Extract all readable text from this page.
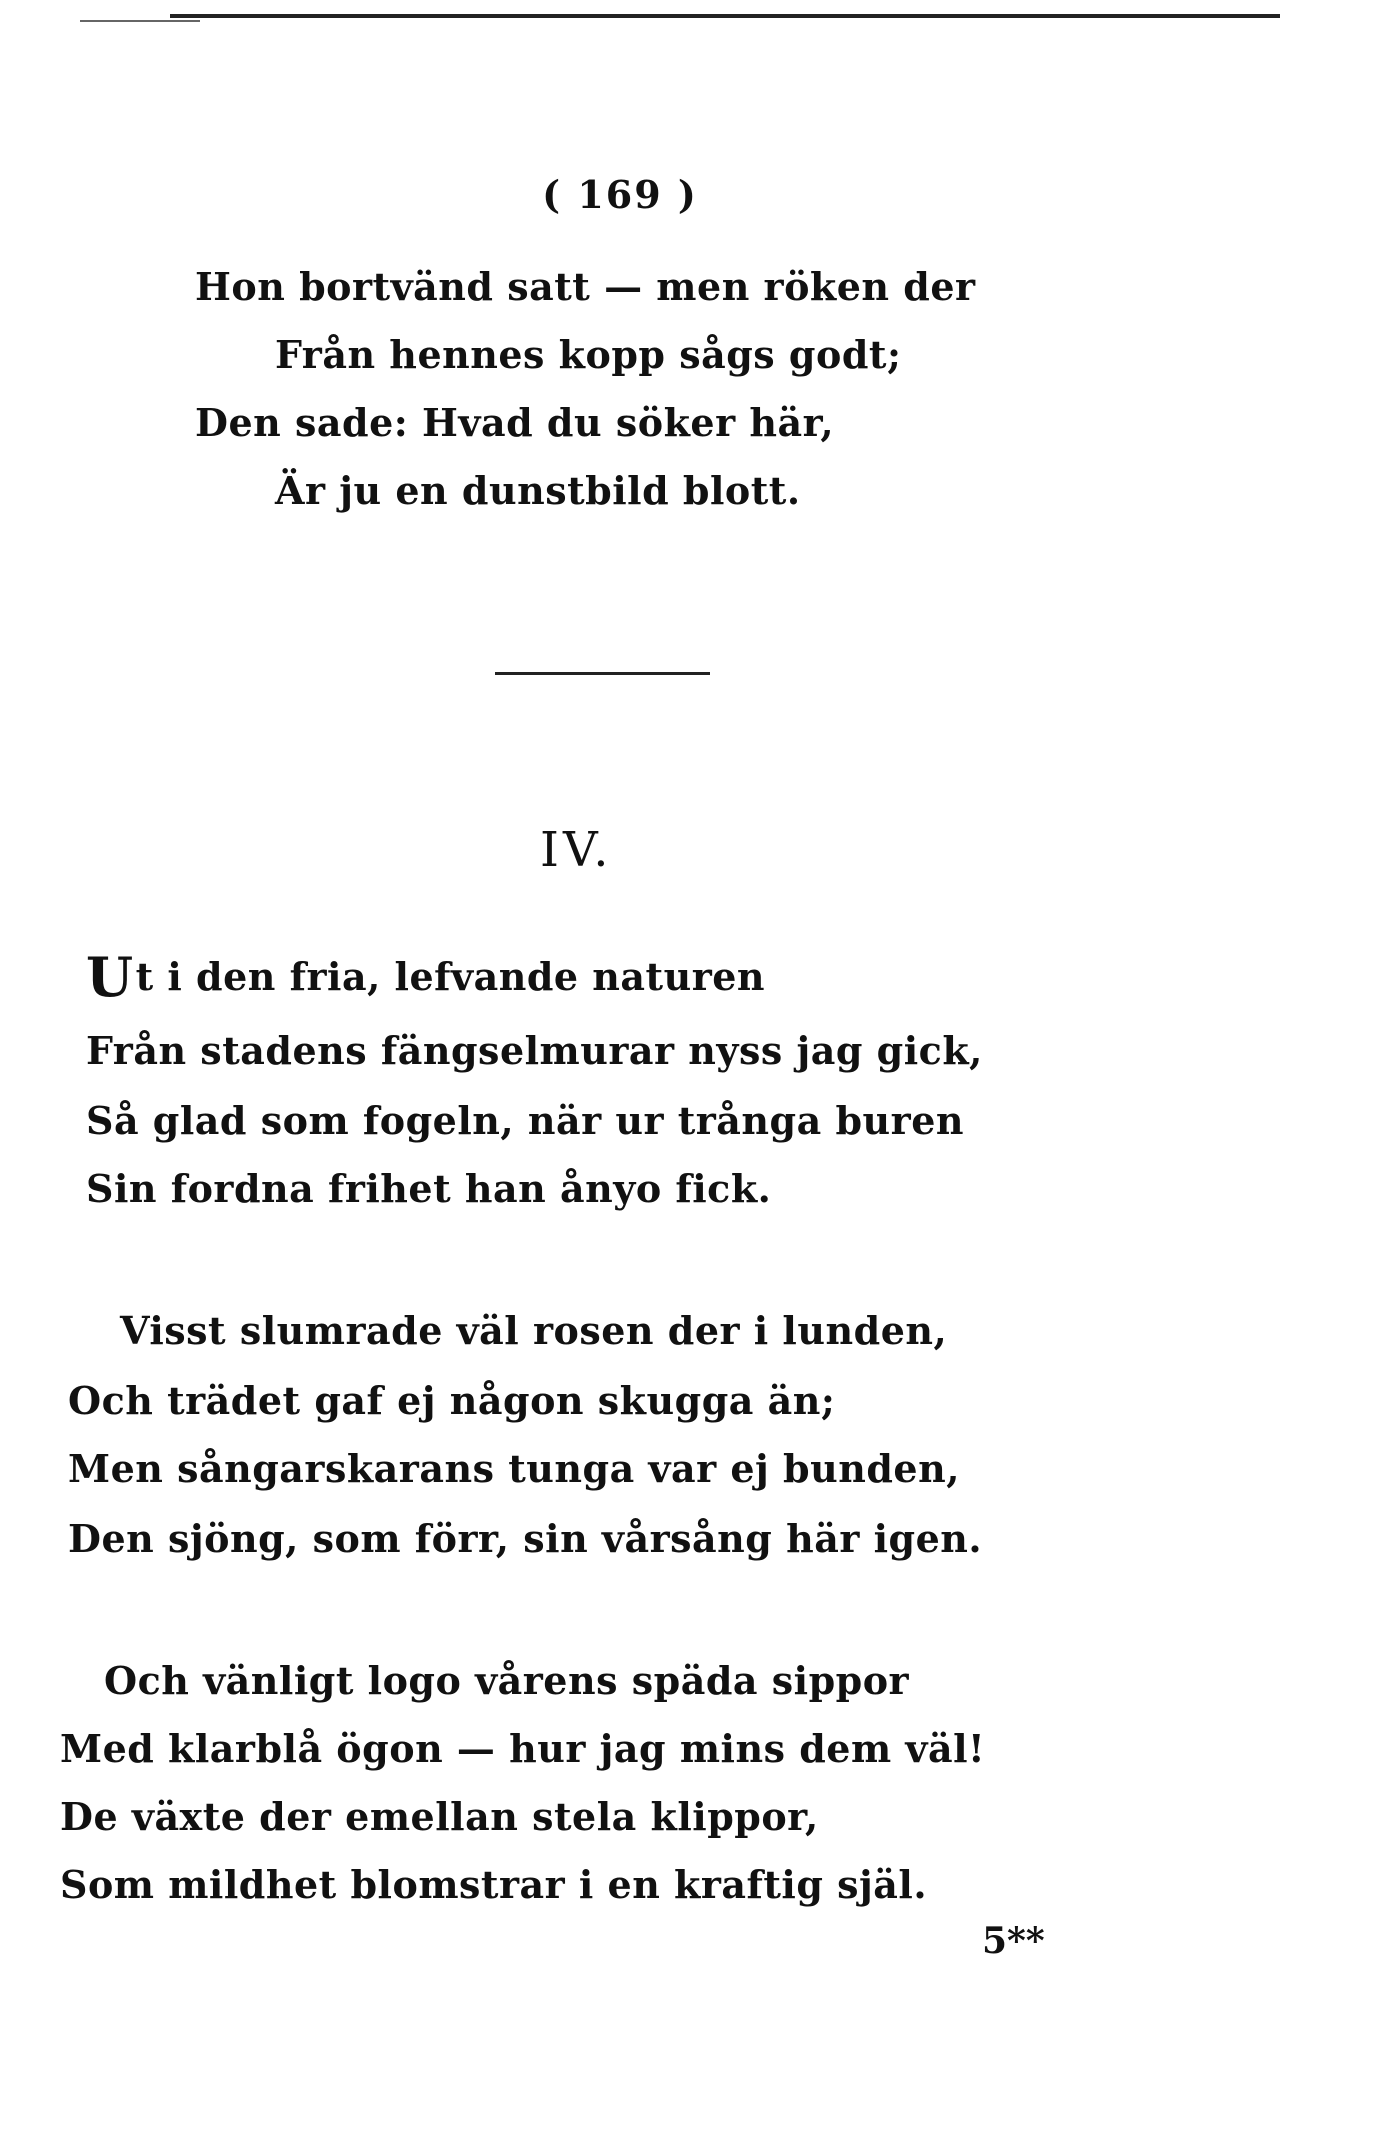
( 169 )
Hon bortvänd satt — men röken der
Från hennes kopp sågs godt;
Den sade: Hvad du söker här,
Är ju en dunstbild blott.
IV.
Ut i den fria, lefvande naturen
Från stadens fängselmurar nyss jag gick,
Så glad som fogeln, när ur trånga buren
Sin fordna frihet han ånyo fick.
Visst slumrade väl rosen der i lunden,
Och trädet gaf ej någon skugga än;
Men sångarskarans tunga var ej bunden,
Den sjöng, som förr, sin vårsång här igen.
Och vänligt logo vårens späda sippor
Med klarblå ögon — hur jag mins dem väl!
De växte der emellan stela klippor,
Som mildhet blomstrar i en kraftig själ.
5**
